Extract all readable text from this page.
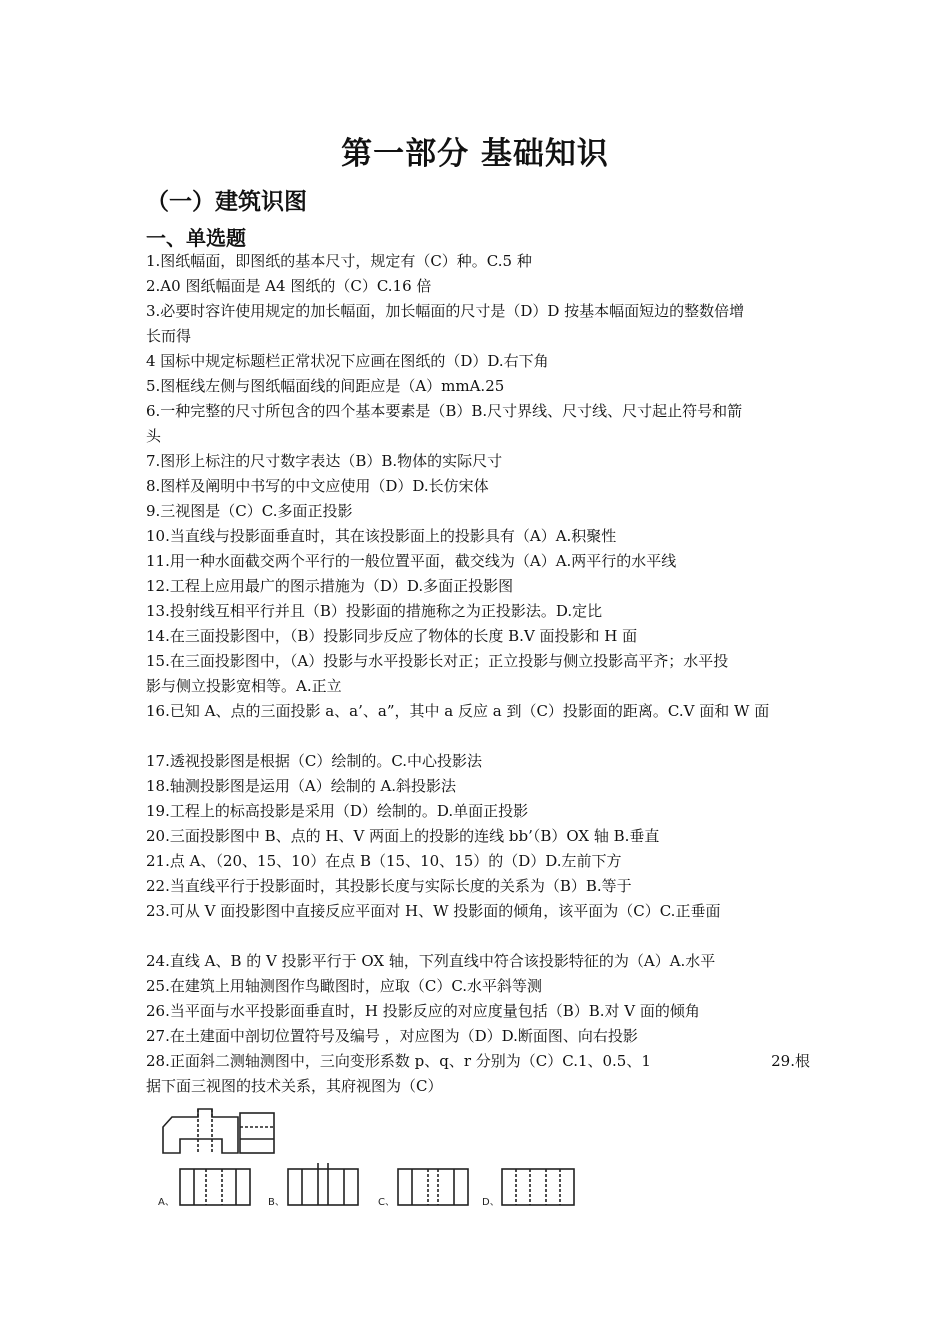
第一部分 基础知识
（一）建筑识图
一、单选题
1.图纸幅面，即图纸的基本尺寸，规定有（C）种。C.5 种
2.A0 图纸幅面是 A4 图纸的（C）C.16 倍
3.必要时容许使用规定的加长幅面，加长幅面的尺寸是（D）D 按基本幅面短边的整数倍增
长而得
4 国标中规定标题栏正常状况下应画在图纸的（D）D.右下角
5.图框线左侧与图纸幅面线的间距应是（A）mmA.25
6.一种完整的尺寸所包含的四个基本要素是（B）B.尺寸界线、尺寸线、尺寸起止符号和箭
头
7.图形上标注的尺寸数字表达（B）B.物体的实际尺寸
8.图样及阐明中书写的中文应使用（D）D.长仿宋体
9.三视图是（C）C.多面正投影
10.当直线与投影面垂直时，其在该投影面上的投影具有（A）A.积聚性
11.用一种水面截交两个平行的一般位置平面，截交线为（A）A.两平行的水平线
12.工程上应用最广的图示措施为（D）D.多面正投影图
13.投射线互相平行并且（B）投影面的措施称之为正投影法。D.定比
14.在三面投影图中，（B）投影同步反应了物体的长度 B.V 面投影和 H 面
15.在三面投影图中，（A）投影与水平投影长对正；正立投影与侧立投影高平齐；水平投
影与侧立投影宽相等。A.正立
16.已知 A、点的三面投影 a、a’、a”，其中 a 反应 a 到（C）投影面的距离。C.V 面和 W 面
17.透视投影图是根据（C）绘制的。C.中心投影法
18.轴测投影图是运用（A）绘制的 A.斜投影法
19.工程上的标高投影是采用（D）绘制的。D.单面正投影
20.三面投影图中 B、点的 H、V 两面上的投影的连线 bb’（B）OX 轴 B.垂直
21.点 A、（20、15、10）在点 B（15、10、15）的（D）D.左前下方
22.当直线平行于投影面时，其投影长度与实际长度的关系为（B）B.等于
23.可从 V 面投影图中直接反应平面对 H、W 投影面的倾角，该平面为（C）C.正垂面
24.直线 A、B 的 V 投影平行于 OX 轴，下列直线中符合该投影特征的为（A）A.水平
25.在建筑上用轴测图作鸟瞰图时，应取（C）C.水平斜等测
26.当平面与水平投影面垂直时，H 投影反应的对应度量包括（B）B.对 V 面的倾角
27.在土建面中剖切位置符号及编号 ，对应图为（D）D.断面图、向右投影
28.正面斜二测轴测图中，三向变形系数 p、q、r 分别为（C）C.1、0.5、1	29.根
据下面三视图的技术关系，其府视图为（C）
A、	B、	C、	D、
